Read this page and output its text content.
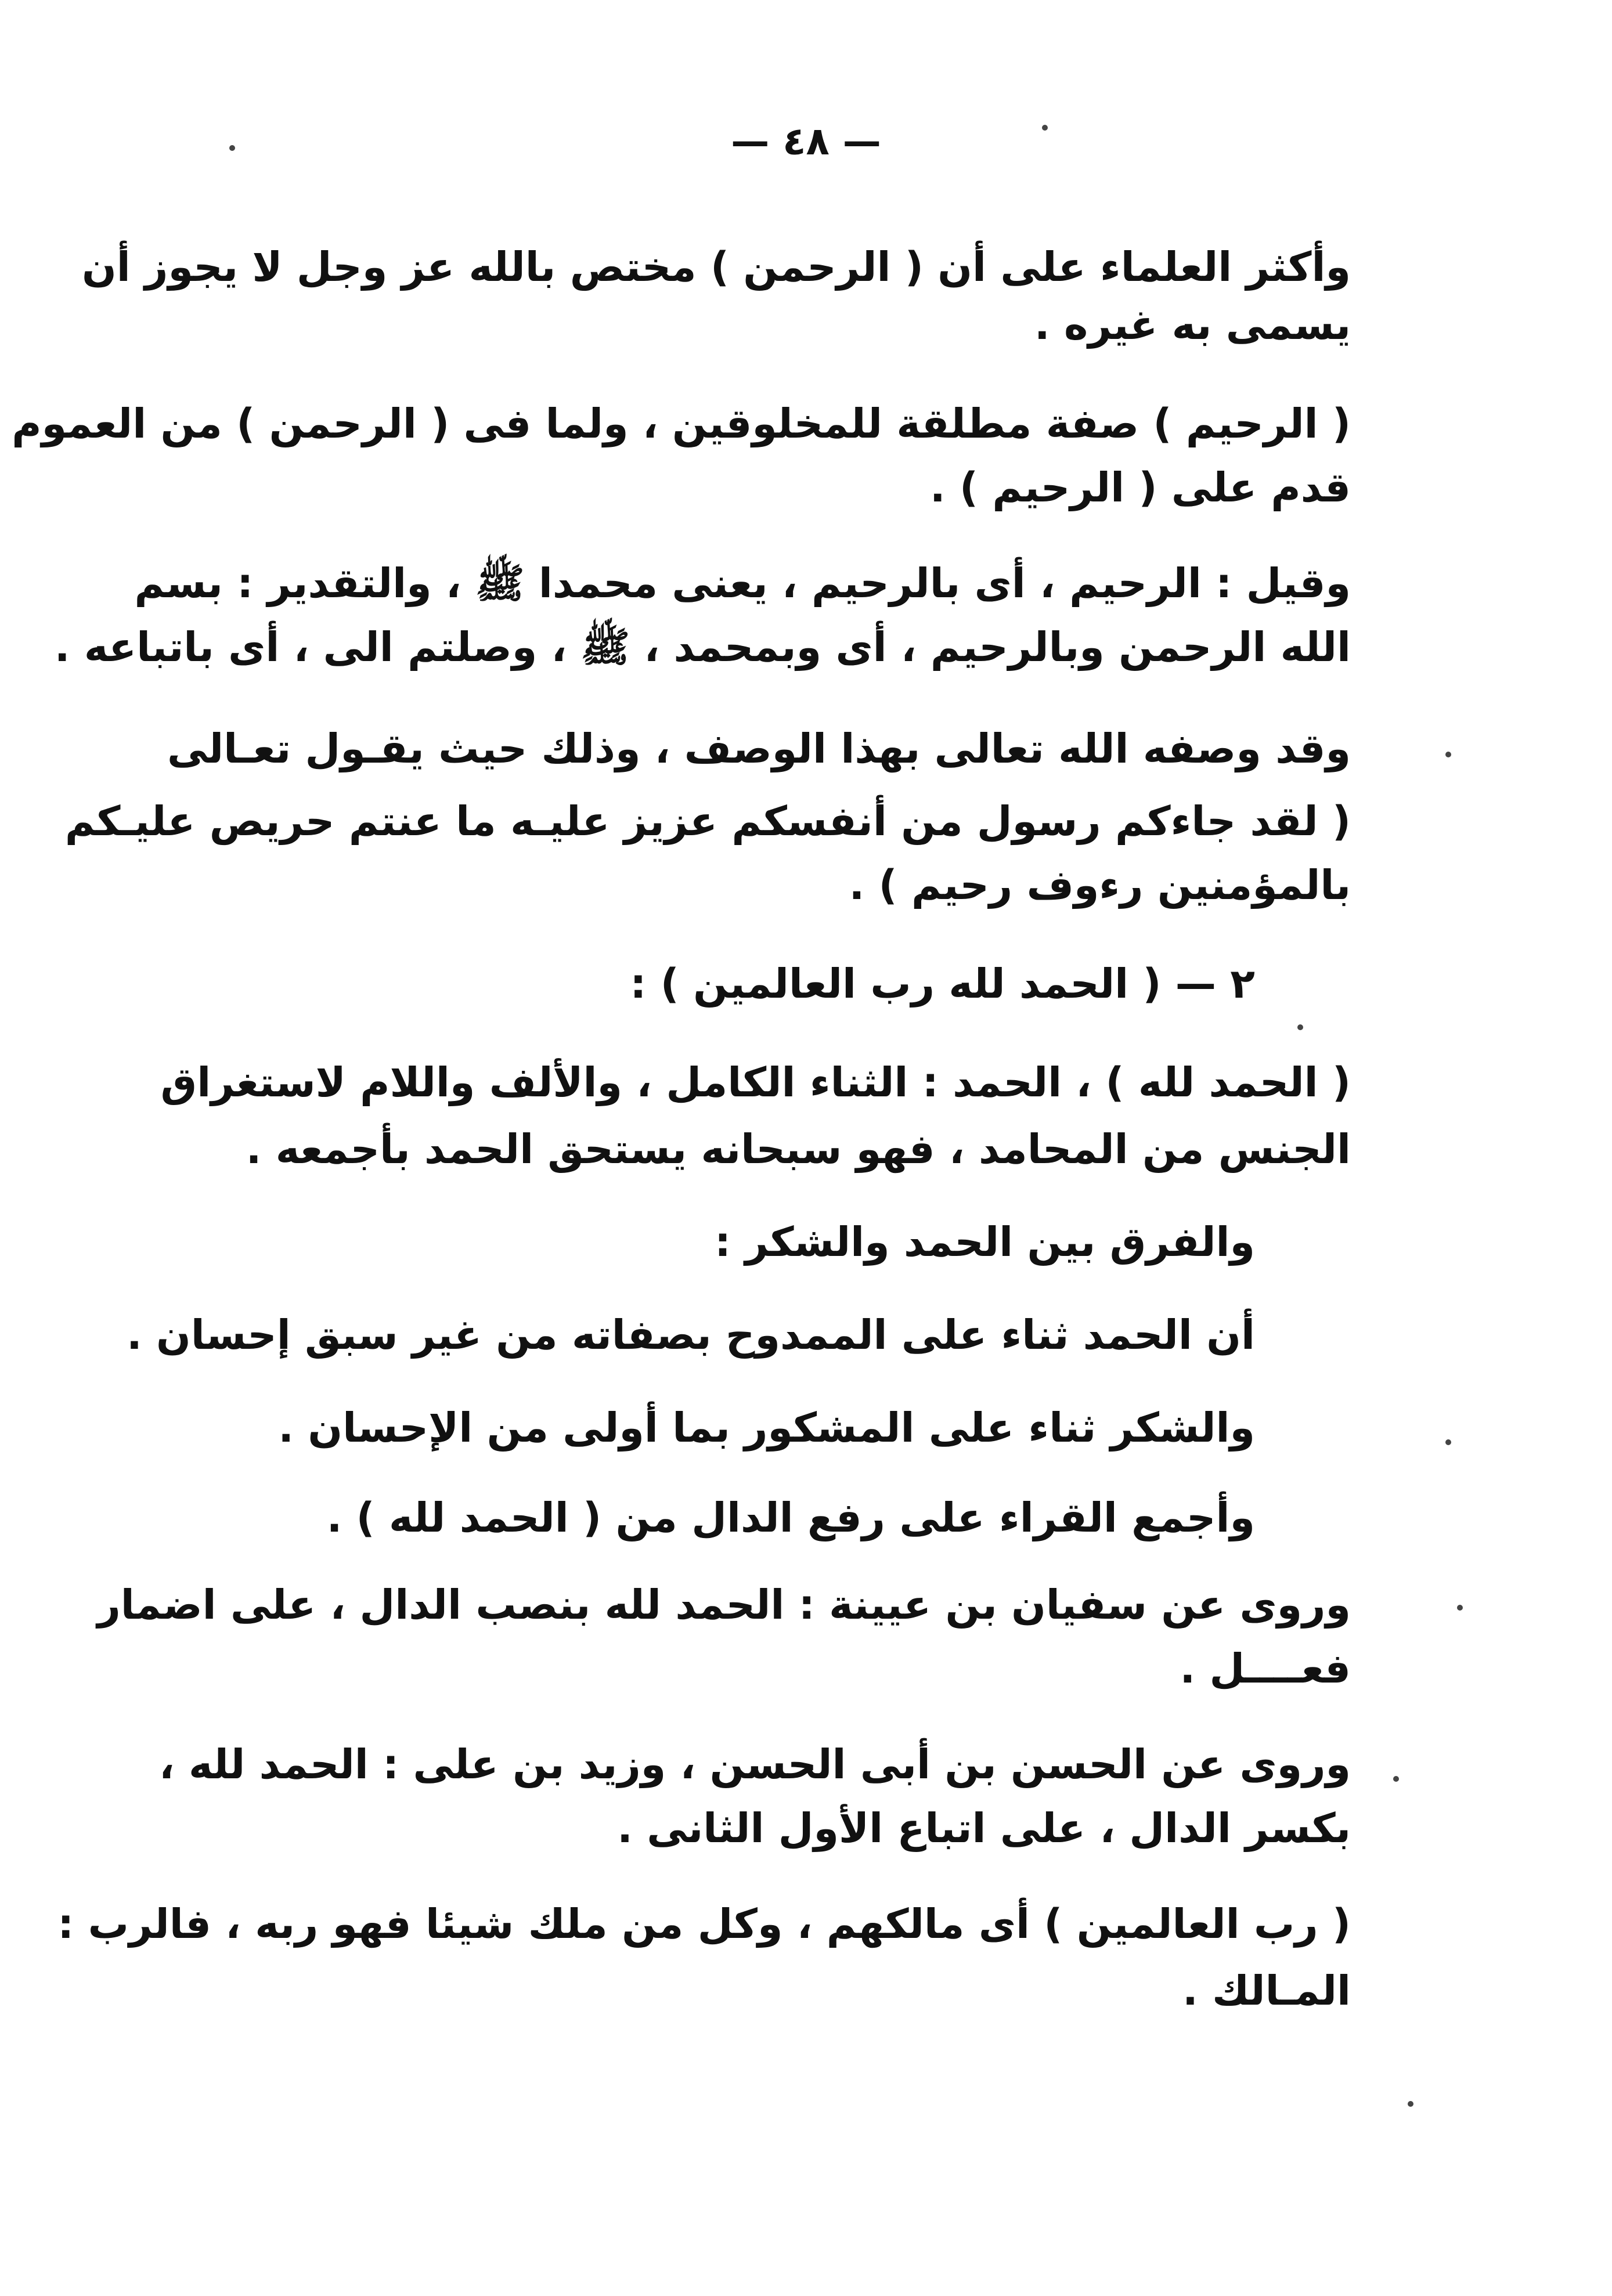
— ٤٨ —
وأكثر العلماء على أن ( الرحمن ) مختص بالله عز وجل لا يجوز أن
يسمى به غيره .
( الرحيم ) صفة مطلقة للمخلوقين ، ولما فى ( الرحمن ) من العموم
قدم على ( الرحيم ) .
وقيل : الرحيم ، أى بالرحيم ، يعنى محمدا ﷺ ، والتقدير : بسم
الله الرحمن وبالرحيم ، أى وبمحمد ، ﷺ ، وصلتم الى ، أى باتباعه .
وقد وصفه الله تعالى بهذا الوصف ، وذلك حيث يقـول تعـالى
( لقد جاءكم رسول من أنفسكم عزيز عليـه ما عنتم حريص عليـكم
بالمؤمنين رءوف رحيم ) .
٢ — ( الحمد لله رب العالمين ) :
( الحمد لله ) ، الحمد : الثناء الكامل ، والألف واللام لاستغراق
الجنس من المحامد ، فهو سبحانه يستحق الحمد بأجمعه .
والفرق بين الحمد والشكر :
أن الحمد ثناء على الممدوح بصفاته من غير سبق إحسان .
والشكر ثناء على المشكور بما أولى من الإحسان .
وأجمع القراء على رفع الدال من ( الحمد لله ) .
وروى عن سفيان بن عيينة : الحمد لله بنصب الدال ، على اضمار
فعــــل .
وروى عن الحسن بن أبى الحسن ، وزيد بن على : الحمد لله ،
بكسر الدال ، على اتباع الأول الثانى .
( رب العالمين ) أى مالكهم ، وكل من ملك شيئا فهو ربه ، فالرب :
المـالك .
